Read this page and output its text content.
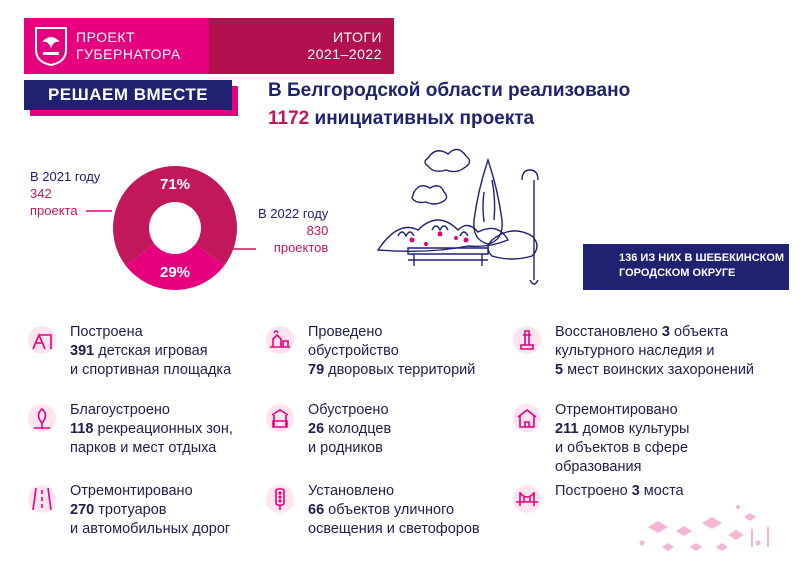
ПРОЕКТ
ГУБЕРНАТОРА
ИТОГИ
2021–2022
РЕШАЕМ ВМЕСТЕ	В Белгородской области реализовано
1172 инициативных проекта
29%
71%
В 2021 году
342
проекта	В 2022 году
830
проектов
136 ИЗ НИХ В ШЕБЕКИНСКОМ
ГОРОДСКОМ ОКРУГЕ
Построена
391 детская игровая
и спортивная площадка
Проведено
обустройство
79 дворовых территорий
Восстановлено 3 объекта
культурного наследия и
5 мест воинских захоронений
Благоустроено
118 рекреационных зон,
парков и мест отдыха
Обустроено
26 колодцев
и родников
Отремонтировано
211 домов культуры
и объектов в сфере
образования
Отремонтировано
270 тротуаров
и автомобильных дорог
Установлено
66 объектов уличного
освещения и светофоров
Построено 3 моста
